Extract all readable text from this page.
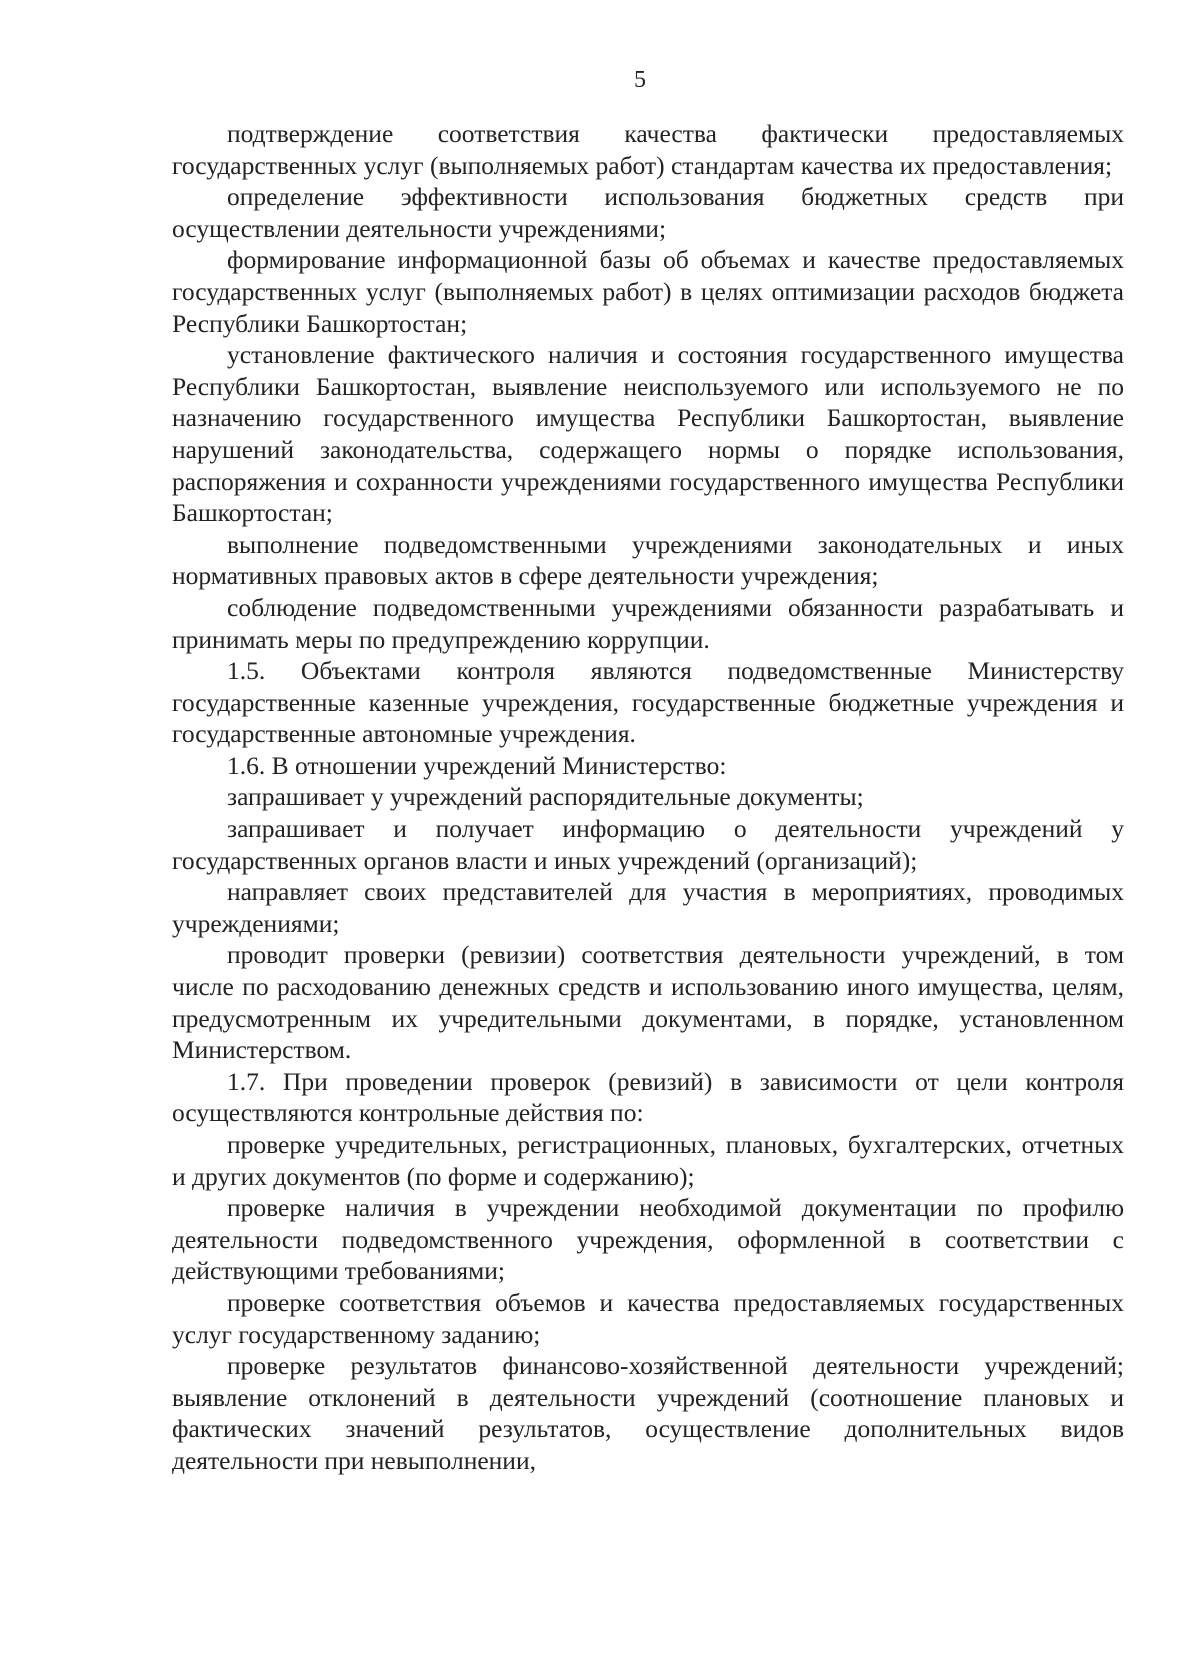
5

подтверждение соответствия качества фактически предоставляемых государственных услуг (выполняемых работ) стандартам качества их предоставления;

определение эффективности использования бюджетных средств при осуществлении деятельности учреждениями;

формирование информационной базы об объемах и качестве предоставляемых государственных услуг (выполняемых работ) в целях оптимизации расходов бюджета Республики Башкортостан;

установление фактического наличия и состояния государственного имущества Республики Башкортостан, выявление неиспользуемого или используемого не по назначению государственного имущества Республики Башкортостан, выявление нарушений законодательства, содержащего нормы о порядке использования, распоряжения и сохранности учреждениями государственного имущества Республики Башкортостан;

выполнение подведомственными учреждениями законодательных и иных нормативных правовых актов в сфере деятельности учреждения;

соблюдение подведомственными учреждениями обязанности разрабатывать и принимать меры по предупреждению коррупции.

1.5. Объектами контроля являются подведомственные Министерству государственные казенные учреждения, государственные бюджетные учреждения и государственные автономные учреждения.

1.6. В отношении учреждений Министерство:

запрашивает у учреждений распорядительные документы;

запрашивает и получает информацию о деятельности учреждений у государственных органов власти и иных учреждений (организаций);

направляет своих представителей для участия в мероприятиях, проводимых учреждениями;

проводит проверки (ревизии) соответствия деятельности учреждений, в том числе по расходованию денежных средств и использованию иного имущества, целям, предусмотренным их учредительными документами, в порядке, установленном Министерством.

1.7. При проведении проверок (ревизий) в зависимости от цели контроля осуществляются контрольные действия по:

проверке учредительных, регистрационных, плановых, бухгалтерских, отчетных и других документов (по форме и содержанию);

проверке наличия в учреждении необходимой документации по профилю деятельности подведомственного учреждения, оформленной в соответствии с действующими требованиями;

проверке соответствия объемов и качества предоставляемых государственных услуг государственному заданию;

проверке результатов финансово-хозяйственной деятельности учреждений; выявление отклонений в деятельности учреждений (соотношение плановых и фактических значений результатов, осуществление дополнительных видов деятельности при невыполнении,
